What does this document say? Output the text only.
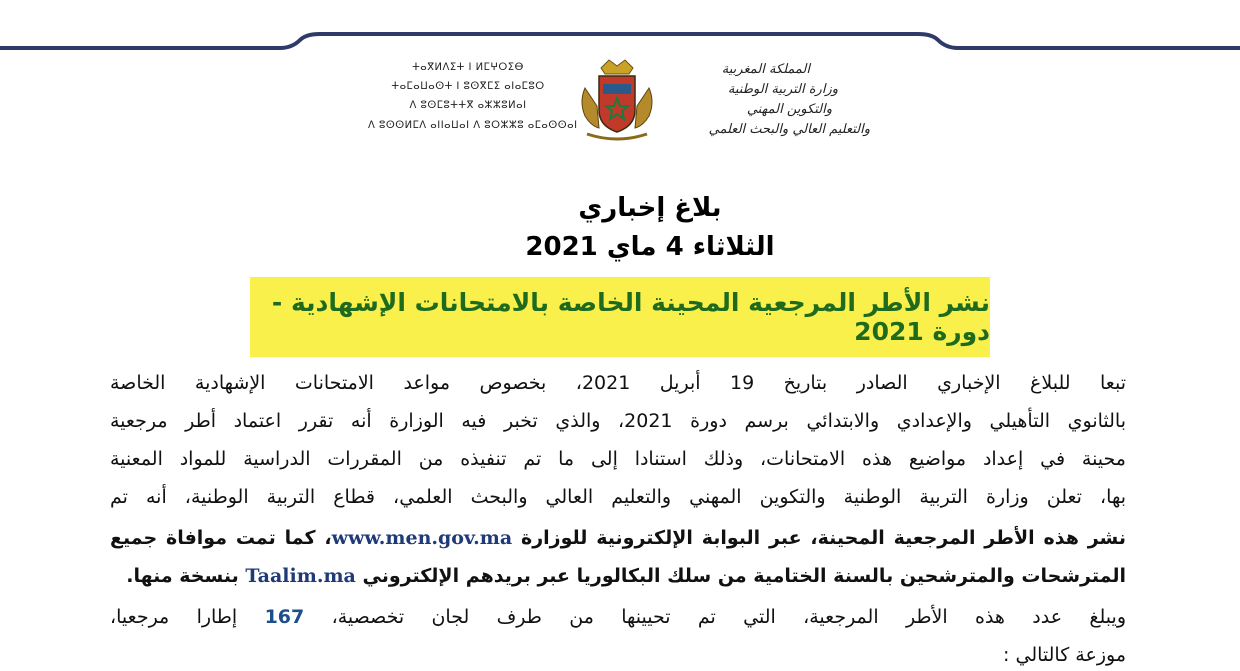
ⵜⴰⴳⵍⴷⵉⵜ ⵏ ⵍⵎⵖⵔⵉⴱ
ⵜⴰⵎⴰⵡⴰⵙⵜ ⵏ ⵓⵙⴳⵎⵉ ⴰⵏⴰⵎⵓⵔ
ⴷ ⵓⵙⵎⵓⵜⵜⴳ ⴰⵣⵣⵓⵍⴰⵏ
ⴷ ⵓⵙⵙⵍⵎⴷ ⴰⵏⵏⴰⵡⴰⵏ ⴷ ⵓⵔⵣⵣⵓ ⴰⵎⴰⵙⵙⴰⵏ
المملكة المغربية
وزارة التربية الوطنية
والتكوين المهني
والتعليم العالي والبحث العلمي
بلاغ إخباري
الثلاثاء 4 ماي 2021
نشر الأطر المرجعية المحينة الخاصة بالامتحانات الإشهادية - دورة 2021
تبعا للبلاغ الإخباري الصادر بتاريخ 19 أبريل 2021، بخصوص مواعد الامتحانات الإشهادية الخاصة
بالثانوي التأهيلي والإعدادي والابتدائي برسم دورة 2021، والذي تخبر فيه الوزارة أنه تقرر اعتماد أطر مرجعية
محينة في إعداد مواضيع هذه الامتحانات، وذلك استنادا إلى ما تم تنفيذه من المقررات الدراسية للمواد المعنية
بها، تعلن وزارة التربية الوطنية والتكوين المهني والتعليم العالي والبحث العلمي، قطاع التربية الوطنية، أنه تم
نشر هذه الأطر المرجعية المحينة، عبر البوابة الإلكترونية للوزارة www.men.gov.ma، كما تمت موافاة جميع
المترشحات والمترشحين بالسنة الختامية من سلك البكالوريا عبر بريدهم الإلكتروني Taalim.ma بنسخة منها.
ويبلغ عدد هذه الأطر المرجعية، التي تم تحيينها من طرف لجان تخصصية، 167 إطارا مرجعيا،
موزعة كالتالي :
